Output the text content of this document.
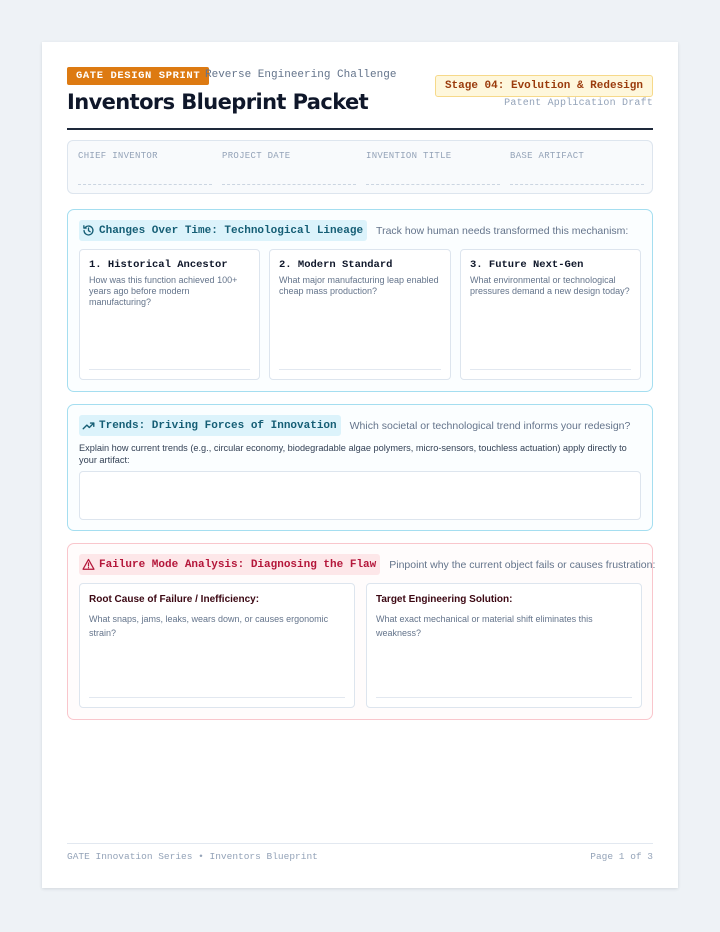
GATE DESIGN SPRINT Reverse Engineering Challenge
Inventors Blueprint Packet
Stage 04: Evolution & Redesign
Patent Application Draft
CHIEF INVENTOR	PROJECT DATE	INVENTION TITLE	BASE ARTIFACT
Changes Over Time: Technological Lineage Track how human needs transformed this mechanism:
1. Historical Ancestor
How was this function achieved 100+ years ago before modern manufacturing?
2. Modern Standard
What major manufacturing leap enabled cheap mass production?
3. Future Next-Gen
What environmental or technological pressures demand a new design today?
Trends: Driving Forces of Innovation Which societal or technological trend informs your redesign?
Explain how current trends (e.g., circular economy, biodegradable algae polymers, micro-sensors, touchless actuation) apply directly to your artifact:
Failure Mode Analysis: Diagnosing the Flaw Pinpoint why the current object fails or causes frustration:
Root Cause of Failure / Inefficiency:
What snaps, jams, leaks, wears down, or causes ergonomic strain?
Target Engineering Solution:
What exact mechanical or material shift eliminates this weakness?
GATE Innovation Series • Inventors Blueprint	Page 1 of 3
